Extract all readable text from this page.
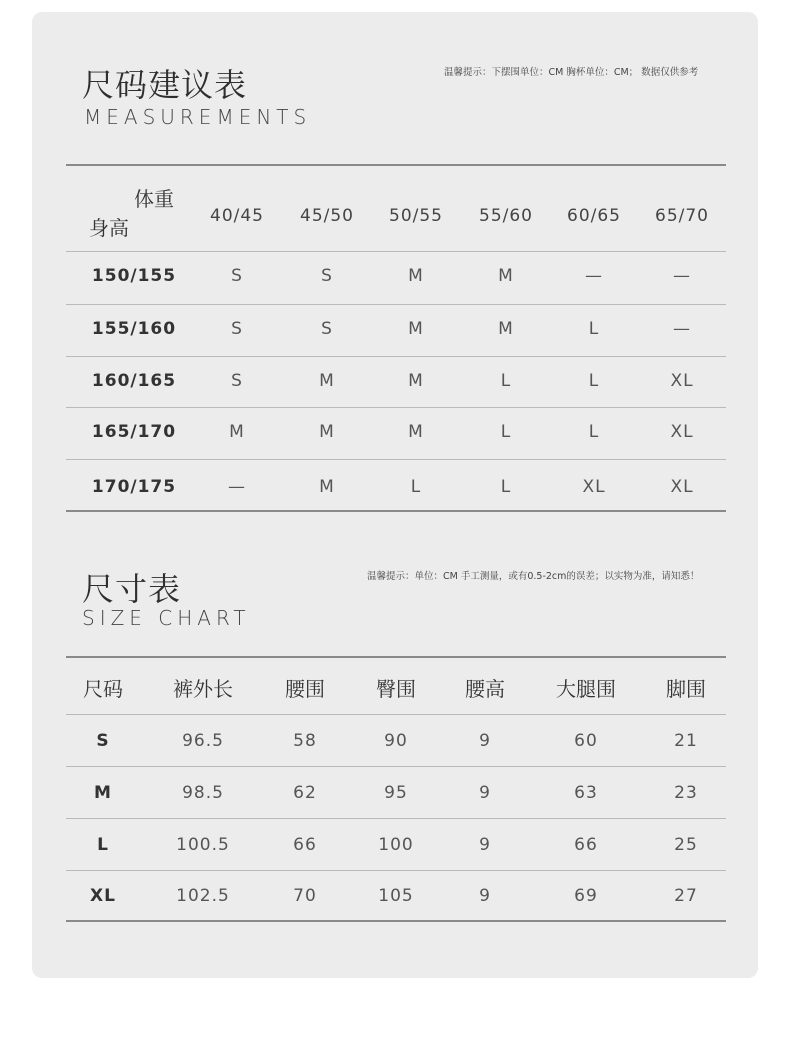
尺码建议表
MEASUREMENTS
温馨提示：下摆围单位：CM 胸杯单位：CM； 数据仅供参考
体重
身高	40/45	45/50	50/55	55/60	60/65	65/70
150/155	S	S	M	M	—	—
155/160	S	S	M	M	L	—
160/165	S	M	M	L	L	XL
165/170	M	M	M	L	L	XL
170/175	—	M	L	L	XL	XL
尺寸表
SIZE CHART
温馨提示：单位：CM 手工测量，或有0.5-2cm的误差；以实物为准，请知悉！
尺码	裤外长	腰围	臀围	腰高	大腿围	脚围
S	96.5	58	90	9	60	21
M	98.5	62	95	9	63	23
L	100.5	66	100	9	66	25
XL	102.5	70	105	9	69	27
